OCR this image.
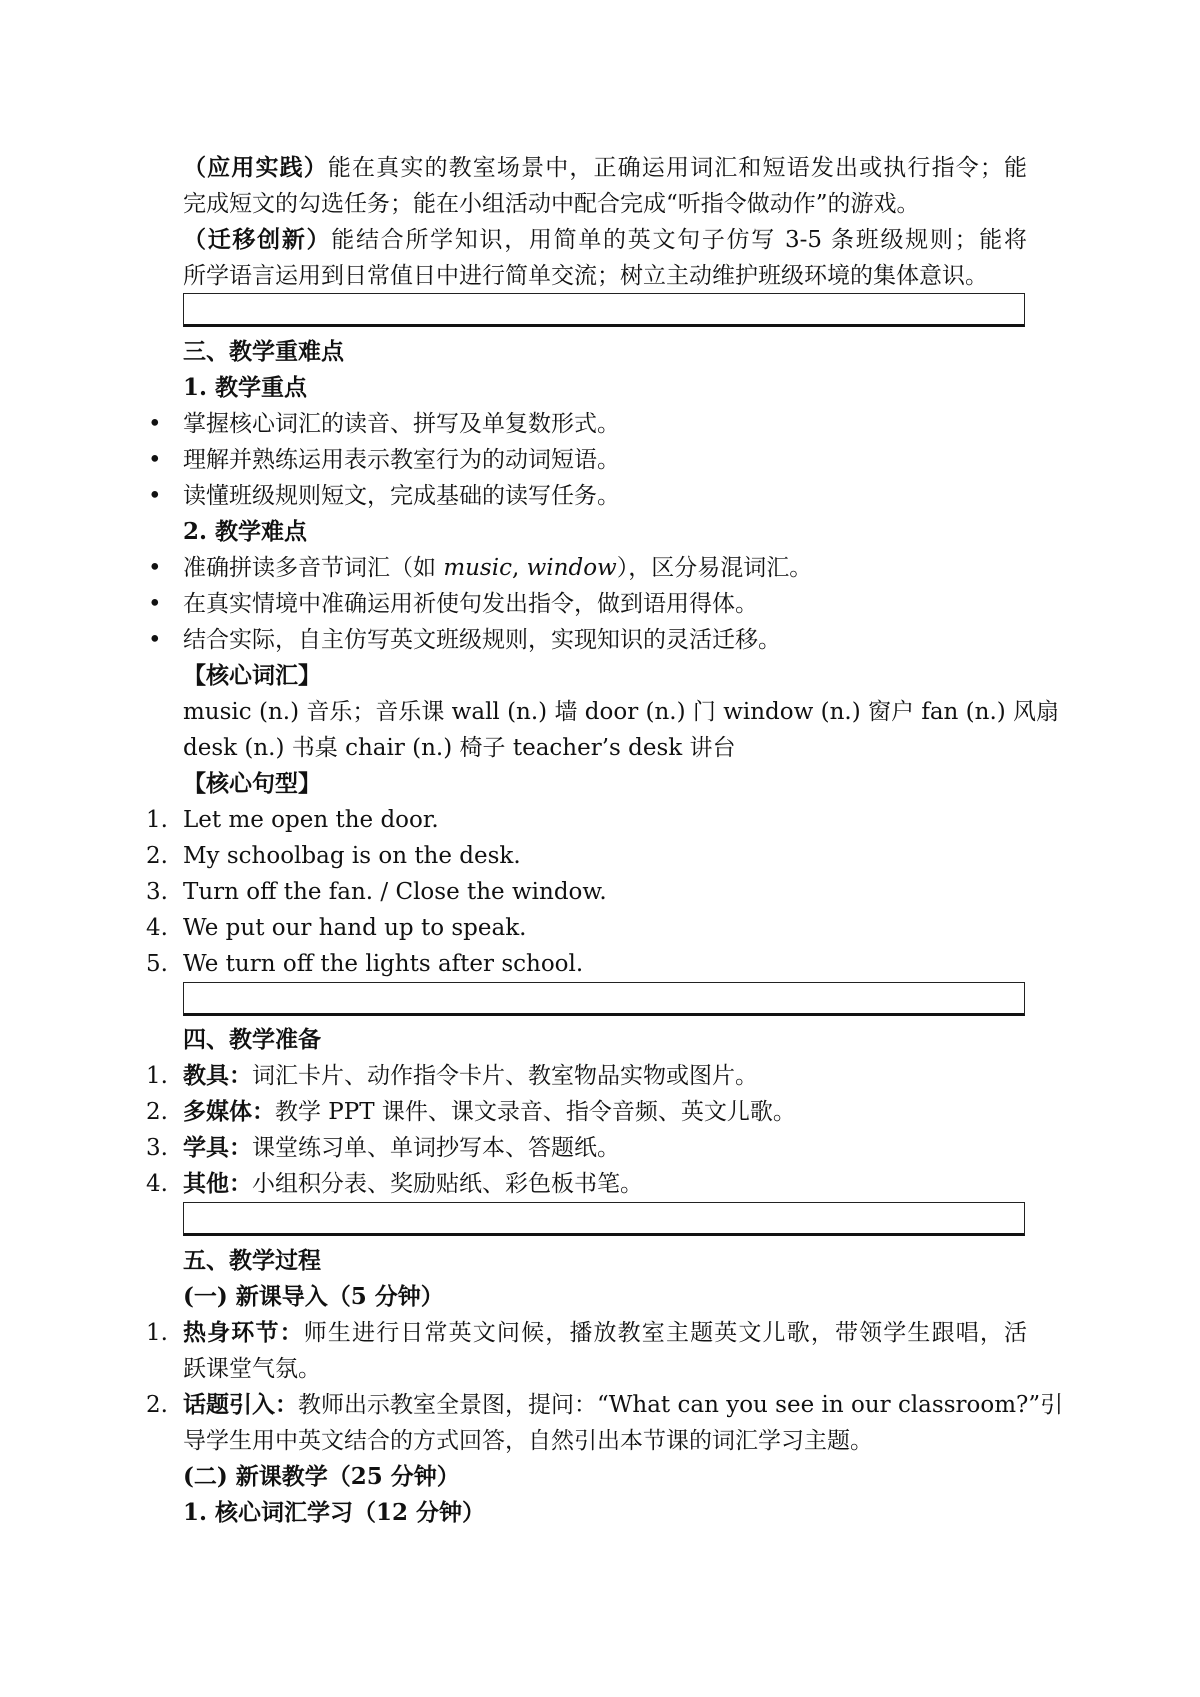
（应用实践）能在真实的教室场景中，正确运用词汇和短语发出或执行指令；能
完成短文的勾选任务；能在小组活动中配合完成“听指令做动作”的游戏。
（迁移创新）能结合所学知识，用简单的英文句子仿写 3-5 条班级规则；能将
所学语言运用到日常值日中进行简单交流；树立主动维护班级环境的集体意识。
三、教学重难点
1. 教学重点
• 掌握核心词汇的读音、拼写及单复数形式。
• 理解并熟练运用表示教室行为的动词短语。
• 读懂班级规则短文，完成基础的读写任务。
2. 教学难点
• 准确拼读多音节词汇（如 music, window），区分易混词汇。
• 在真实情境中准确运用祈使句发出指令，做到语用得体。
• 结合实际，自主仿写英文班级规则，实现知识的灵活迁移。
【核心词汇】
music (n.) 音乐；音乐课 wall (n.) 墙 door (n.) 门 window (n.) 窗户 fan (n.) 风扇
desk (n.) 书桌 chair (n.) 椅子 teacher’s desk 讲台
【核心句型】
1. Let me open the door.
2. My schoolbag is on the desk.
3. Turn off the fan. / Close the window.
4. We put our hand up to speak.
5. We turn off the lights after school.
四、教学准备
1. 教具：词汇卡片、动作指令卡片、教室物品实物或图片。
2. 多媒体：教学 PPT 课件、课文录音、指令音频、英文儿歌。
3. 学具：课堂练习单、单词抄写本、答题纸。
4. 其他：小组积分表、奖励贴纸、彩色板书笔。
五、教学过程
(一) 新课导入（5 分钟）
1. 热身环节：师生进行日常英文问候，播放教室主题英文儿歌，带领学生跟唱，活
跃课堂气氛。
2. 话题引入：教师出示教室全景图，提问：“What can you see in our classroom?”引
导学生用中英文结合的方式回答，自然引出本节课的词汇学习主题。
(二) 新课教学（25 分钟）
1. 核心词汇学习（12 分钟）
